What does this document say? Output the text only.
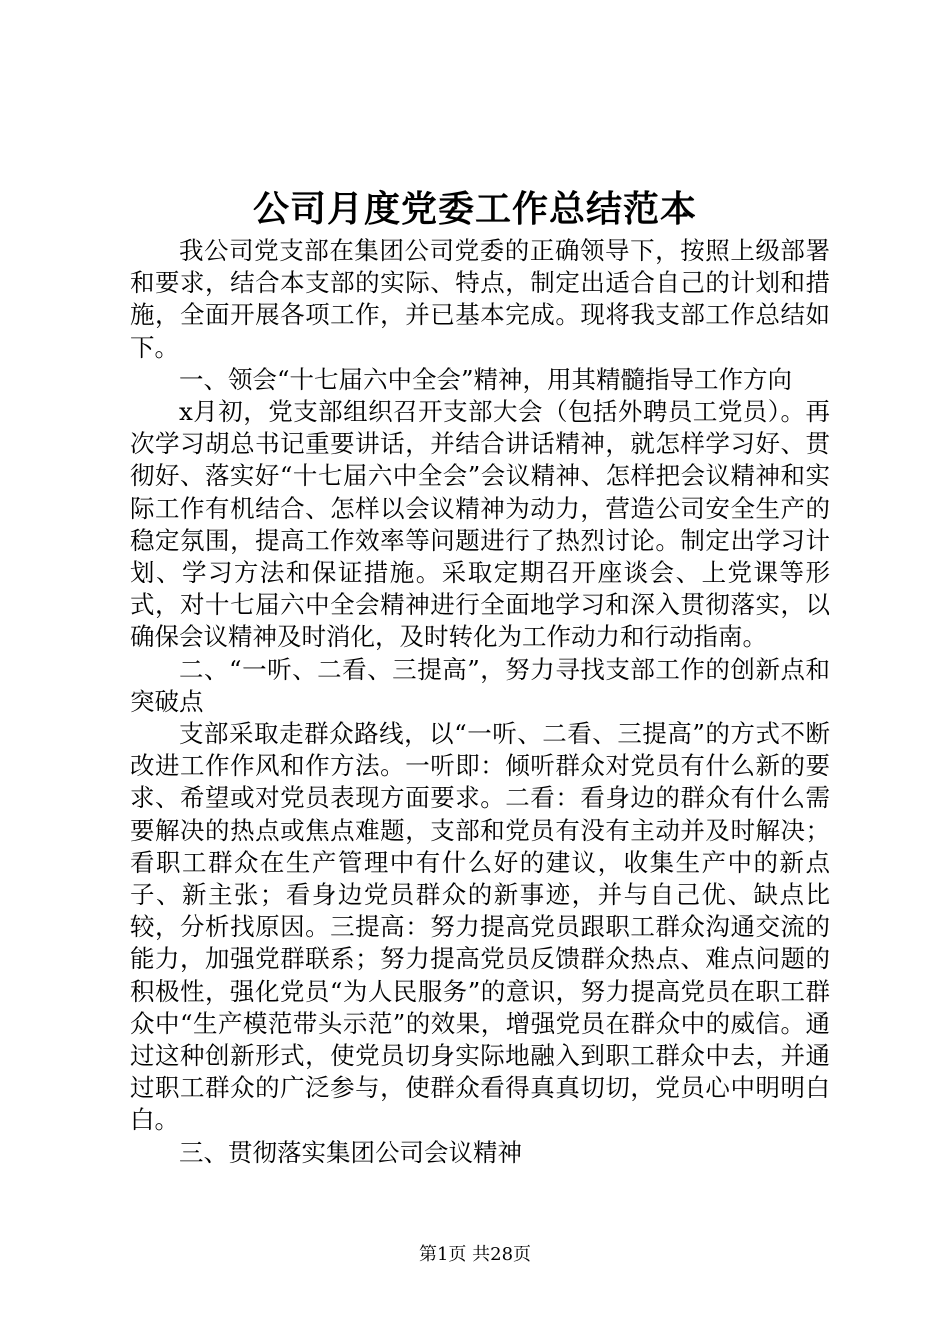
公司月度党委工作总结范本

我公司党支部在集团公司党委的正确领导下，按照上级部署和要求，结合本支部的实际、特点，制定出适合自己的计划和措施，全面开展各项工作，并已基本完成。现将我支部工作总结如下。

一、领会“十七届六中全会”精神，用其精髓指导工作方向

x月初，党支部组织召开支部大会（包括外聘员工党员）。再次学习胡总书记重要讲话，并结合讲话精神，就怎样学习好、贯彻好、落实好“十七届六中全会”会议精神、怎样把会议精神和实际工作有机结合、怎样以会议精神为动力，营造公司安全生产的稳定氛围，提高工作效率等问题进行了热烈讨论。制定出学习计划、学习方法和保证措施。采取定期召开座谈会、上党课等形式，对十七届六中全会精神进行全面地学习和深入贯彻落实，以确保会议精神及时消化，及时转化为工作动力和行动指南。

二、“一听、二看、三提高”，努力寻找支部工作的创新点和突破点

支部采取走群众路线，以“一听、二看、三提高”的方式不断改进工作作风和作方法。一听即：倾听群众对党员有什么新的要求、希望或对党员表现方面要求。二看：看身边的群众有什么需要解决的热点或焦点难题，支部和党员有没有主动并及时解决；看职工群众在生产管理中有什么好的建议，收集生产中的新点子、新主张；看身边党员群众的新事迹，并与自己优、缺点比较，分析找原因。三提高：努力提高党员跟职工群众沟通交流的能力，加强党群联系；努力提高党员反馈群众热点、难点问题的积极性，强化党员“为人民服务”的意识，努力提高党员在职工群众中“生产模范带头示范”的效果，增强党员在群众中的威信。通过这种创新形式，使党员切身实际地融入到职工群众中去，并通过职工群众的广泛参与，使群众看得真真切切，党员心中明明白白。

三、贯彻落实集团公司会议精神

第1页 共28页
